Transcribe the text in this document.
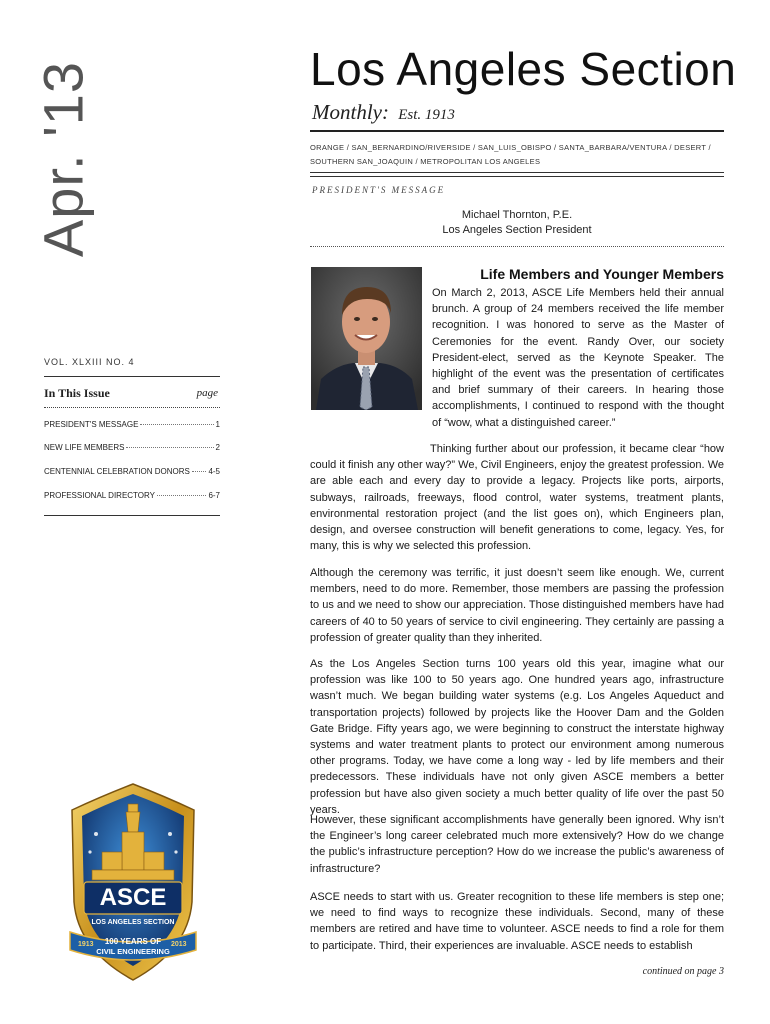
Apr. '13	Los Angeles Section
Monthly: Est. 1913
ORANGE / SAN_BERNARDINO/RIVERSIDE / SAN_LUIS_OBISPO / SANTA_BARBARA/VENTURA / DESERT /
SOUTHERN SAN_JOAQUIN / METROPOLITAN LOS ANGELES
PRESIDENT'S MESSAGE
Michael Thornton, P.E.
Los Angeles Section President
Life Members and Younger Members

On March 2, 2013, ASCE Life Members held their annual brunch. A group of 24 members received the life member recognition. I was honored to serve as the Master of Ceremonies for the event. Randy Over, our society President-elect, served as the Keynote Speaker. The highlight of the event was the presentation of certificates and brief summary of their careers. In hearing those accomplishments, I continued to respond with the thought of “wow, what a distinguished career.”

Thinking further about our profession, it became clear “how could it finish any other way?” We, Civil Engineers, enjoy the greatest profession. We are able each and every day to provide a legacy. Projects like ports, airports, subways, railroads, freeways, flood control, water systems, treatment plants, environmental restoration project (and the list goes on), which Engineers plan, design, and oversee construction will benefit generations to come, legacy. Yes, for many, this is why we selected this profession.

Although the ceremony was terrific, it just doesn’t seem like enough. We, current members, need to do more. Remember, those members are passing the profession to us and we need to show our appreciation. Those distinguished members have had careers of 40 to 50 years of service to civil engineering. They certainly are passing a profession of greater quality than they inherited.

As the Los Angeles Section turns 100 years old this year, imagine what our profession was like 100 to 50 years ago. One hundred years ago, infrastructure wasn’t much. We began building water systems (e.g. Los Angeles Aqueduct and transportation projects) followed by projects like the Hoover Dam and the Golden Gate Bridge. Fifty years ago, we were beginning to construct the interstate highway systems and water treatment plants to protect our environment among numerous other programs. Today, we have come a long way - led by life members and their predecessors. These individuals have not only given ASCE members a better profession but have also given society a much better quality of life over the past 50 years.

However, these significant accomplishments have generally been ignored. Why isn’t the Engineer’s long career celebrated much more extensively? How do we change the public’s infrastructure perception? How do we increase the public’s awareness of infrastructure?

ASCE needs to start with us. Greater recognition to these life members is step one; we need to find ways to recognize these individuals. Second, many of these members are retired and have time to volunteer. ASCE needs to find a role for them to participate. Third, their experiences are invaluable. ASCE needs to establish

continued on page 3
VOL. XLXIII NO. 4
In This Issue	page
PRESIDENT'S MESSAGE	1
NEW LIFE MEMBERS	2
CENTENNIAL CELEBRATION DONORS 4-5
PROFESSIONAL DIRECTORY	6-7
ASCE
LOS ANGELES SECTION
1913	2013
100 YEARS OF
CIVIL ENGINEERING
